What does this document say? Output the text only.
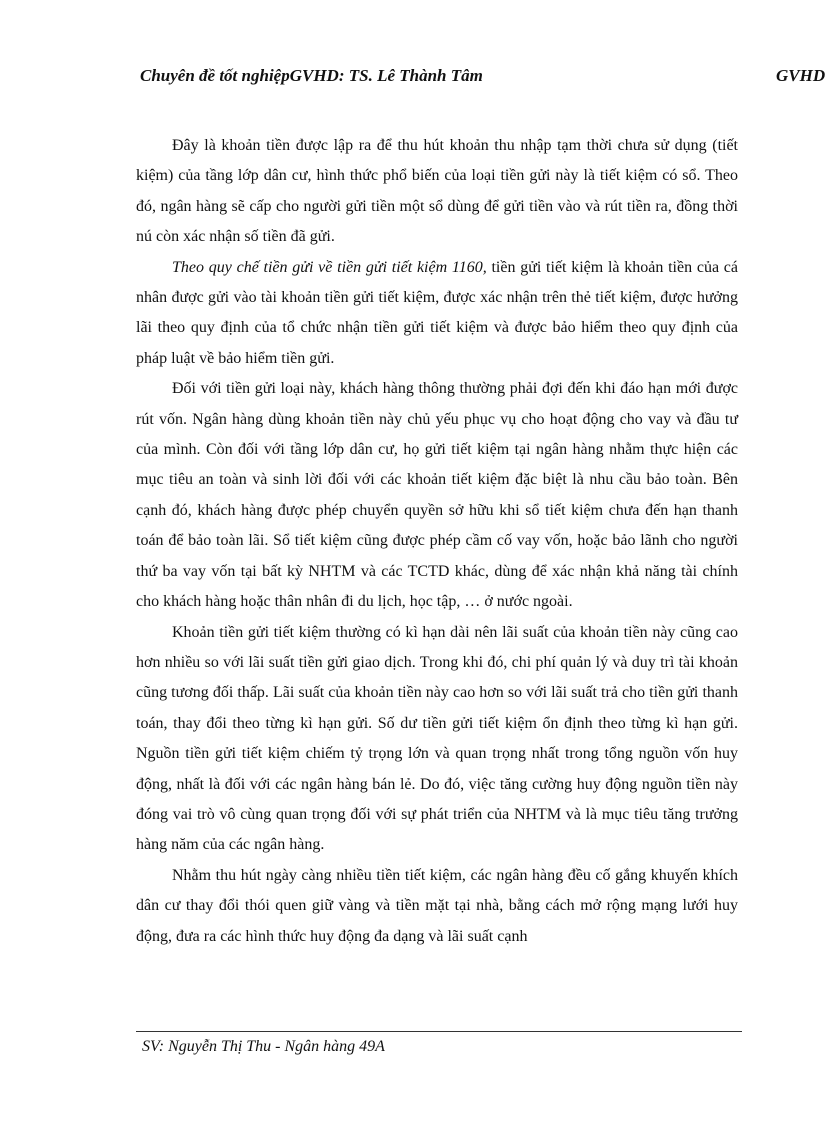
Chuyên đề tốt nghiệpGVHD: TS. Lê Thành Tâm	GVHD

Đây là khoản tiền được lập ra để thu hút khoản thu nhập tạm thời chưa sử dụng (tiết kiệm) của tầng lớp dân cư, hình thức phổ biến của loại tiền gửi này là tiết kiệm có sổ. Theo đó, ngân hàng sẽ cấp cho người gửi tiền một sổ dùng để gửi tiền vào và rút tiền ra, đồng thời nú còn xác nhận số tiền đã gửi.

Theo quy chế tiền gửi về tiền gửi tiết kiệm 1160, tiền gửi tiết kiệm là khoản tiền của cá nhân được gửi vào tài khoản tiền gửi tiết kiệm, được xác nhận trên thẻ tiết kiệm, được hưởng lãi theo quy định của tổ chức nhận tiền gửi tiết kiệm và được bảo hiểm theo quy định của pháp luật về bảo hiểm tiền gửi.

Đối với tiền gửi loại này, khách hàng thông thường phải đợi đến khi đáo hạn mới được rút vốn. Ngân hàng dùng khoản tiền này chủ yếu phục vụ cho hoạt động cho vay và đầu tư của mình. Còn đối với tầng lớp dân cư, họ gửi tiết kiệm tại ngân hàng nhằm thực hiện các mục tiêu an toàn và sinh lời đối với các khoản tiết kiệm đặc biệt là nhu cầu bảo toàn. Bên cạnh đó, khách hàng được phép chuyển quyền sở hữu khi sổ tiết kiệm chưa đến hạn thanh toán để bảo toàn lãi. Sổ tiết kiệm cũng được phép cầm cố vay vốn, hoặc bảo lãnh cho người thứ ba vay vốn tại bất kỳ NHTM và các TCTD khác, dùng để xác nhận khả năng tài chính cho khách hàng hoặc thân nhân đi du lịch, học tập, … ở nước ngoài.

Khoản tiền gửi tiết kiệm thường có kì hạn dài nên lãi suất của khoản tiền này cũng cao hơn nhiều so với lãi suất tiền gửi giao dịch. Trong khi đó, chi phí quản lý và duy trì tài khoản cũng tương đối thấp. Lãi suất của khoản tiền này cao hơn so với lãi suất trả cho tiền gửi thanh toán, thay đổi theo từng kì hạn gửi. Số dư tiền gửi tiết kiệm ổn định theo từng kì hạn gửi. Nguồn tiền gửi tiết kiệm chiếm tỷ trọng lớn và quan trọng nhất trong tổng nguồn vốn huy động, nhất là đối với các ngân hàng bán lẻ. Do đó, việc tăng cường huy động nguồn tiền này đóng vai trò vô cùng quan trọng đối với sự phát triển của NHTM và là mục tiêu tăng trưởng hàng năm của các ngân hàng.

Nhằm thu hút ngày càng nhiều tiền tiết kiệm, các ngân hàng đều cố gắng khuyến khích dân cư thay đổi thói quen giữ vàng và tiền mặt tại nhà, bằng cách mở rộng mạng lưới huy động, đưa ra các hình thức huy động đa dạng và lãi suất cạnh

SV: Nguyễn Thị Thu - Ngân hàng 49A
